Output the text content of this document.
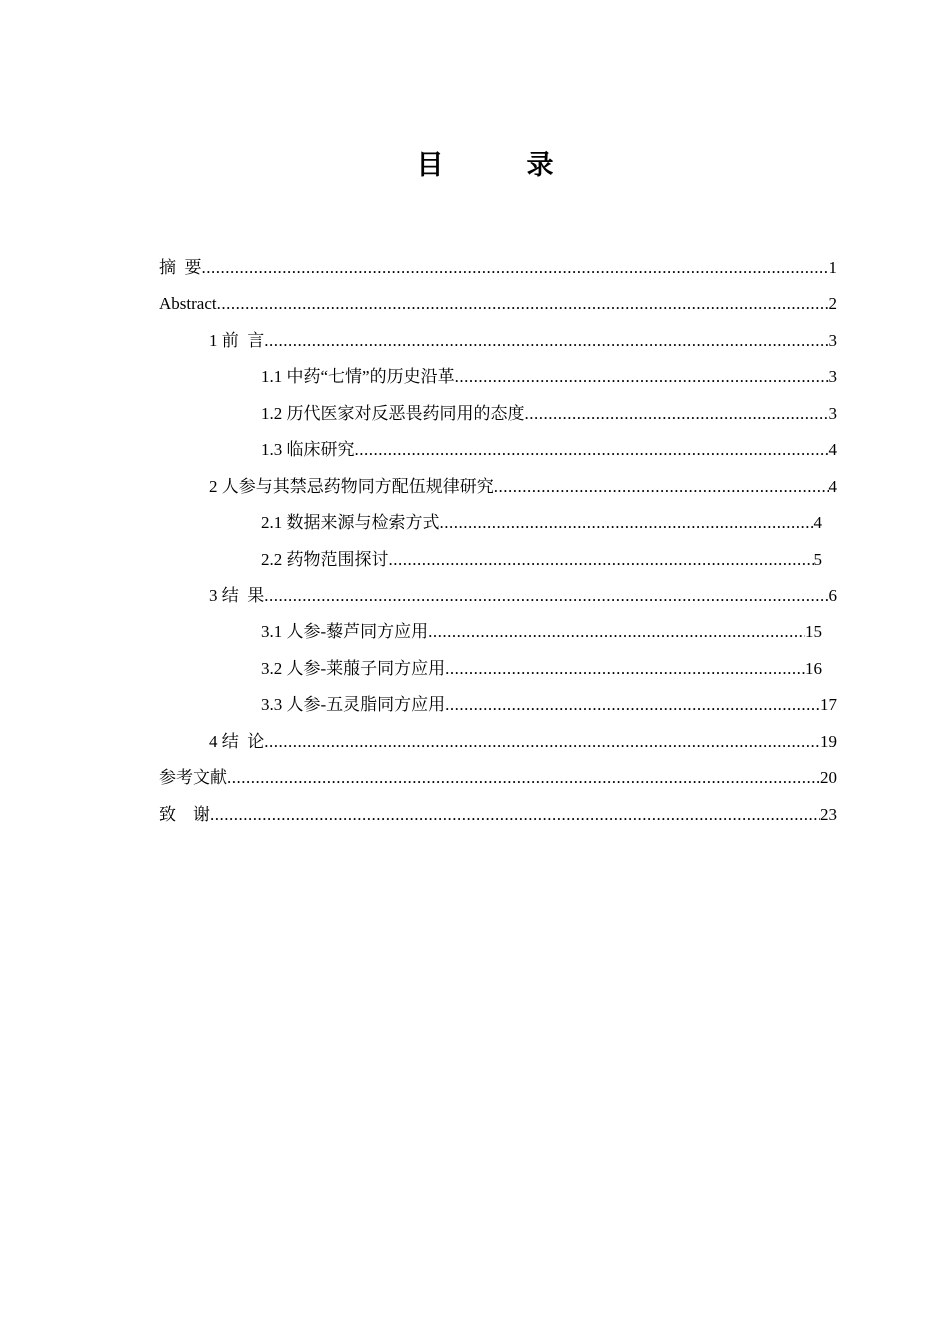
目　录
摘  要 .....	1
Abstract .....	2
1 前  言 .....	3
1.1 中药“七情”的历史沿革 .....	3
1.2 历代医家对反恶畏药同用的态度 .....	3
1.3 临床研究 .....	4
2 人参与其禁忌药物同方配伍规律研究 .....	4
2.1 数据来源与检索方式 .....	4
2.2 药物范围探讨 .....	5
3 结  果 .....	6
3.1 人参-藜芦同方应用 .....	15
3.2 人参-莱菔子同方应用 .....	16
3.3 人参-五灵脂同方应用 .....	17
4 结  论 .....	19
参考文献 .....	20
致    谢 .....	23
